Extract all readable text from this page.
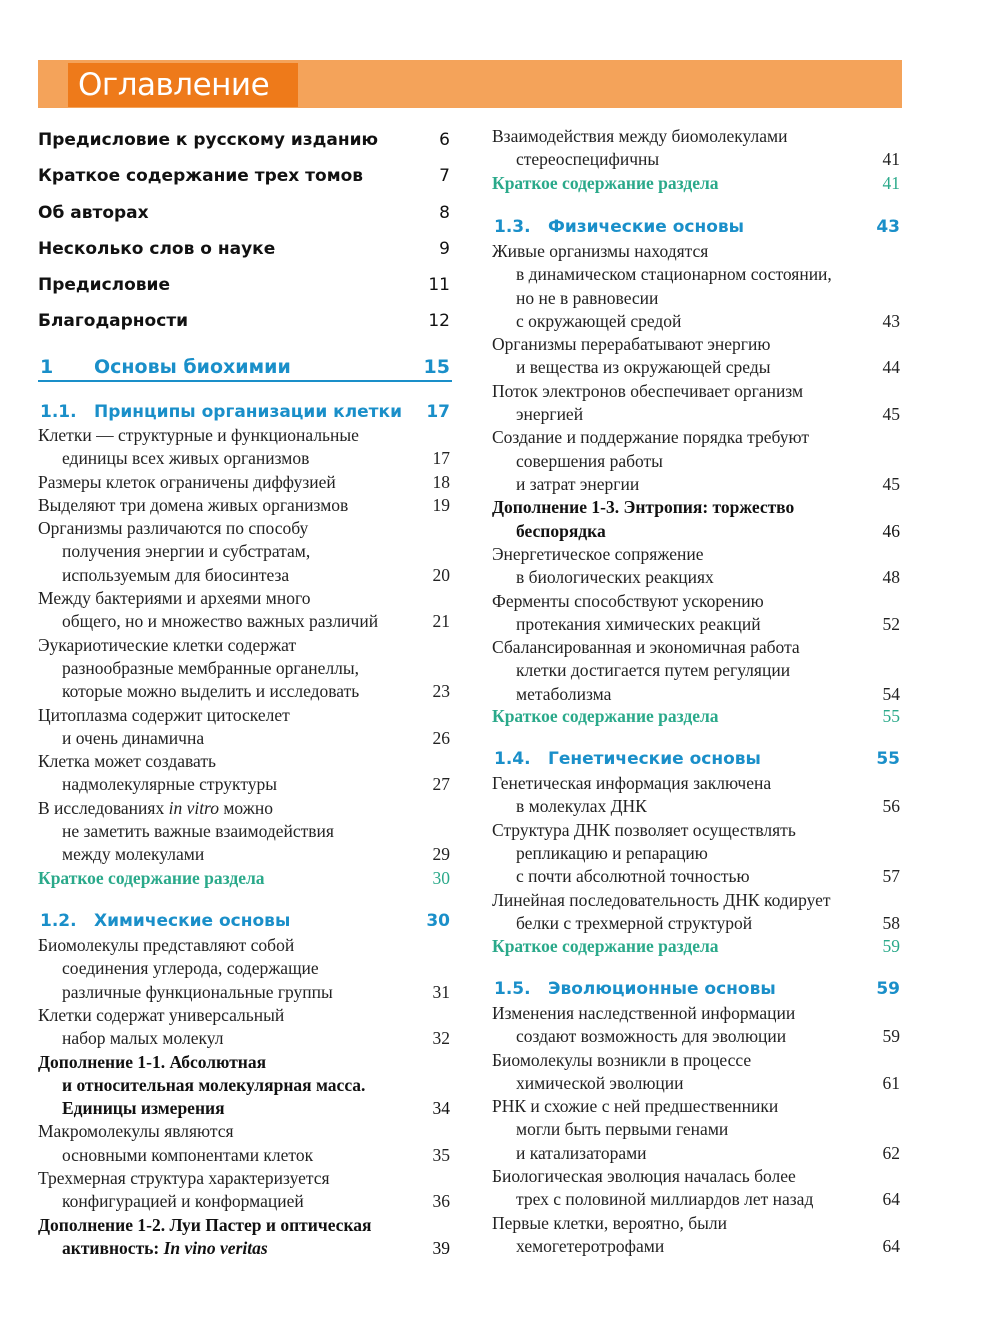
Оглавление
Предисловие к русскому изданию	6
Краткое содержание трех томов	7
Об авторах	8
Несколько слов о науке	9
Предисловие	11
Благодарности	12
1 Основы биохимии	15
1.1. Принципы организации клетки 17
Клетки — структурные и функциональные
единицы всех живых организмов	17
Размеры клеток ограничены диффузией	18
Выделяют три домена живых организмов	19
Организмы различаются по способу
получения энергии и субстратам,
используемым для биосинтеза	20
Между бактериями и археями много
общего, но и множество важных различий	21
Эукариотические клетки содержат
разнообразные мембранные органеллы,
которые можно выделить и исследовать	23
Цитоплазма содержит цитоскелет
и очень динамична	26
Клетка может создавать
надмолекулярные структуры	27
В исследованиях in vitro можно
не заметить важные взаимодействия
между молекулами	29
Краткое содержание раздела	30
1.2. Химические основы	30
Биомолекулы представляют собой
соединения углерода, содержащие
различные функциональные группы	31
Клетки содержат универсальный
набор малых молекул	32
Дополнение 1-1. Абсолютная
и относительная молекулярная масса.
Единицы измерения	34
Макромолекулы являются
основными компонентами клеток	35
Трехмерная структура характеризуется
конфигурацией и конформацией	36
Дополнение 1-2. Луи Пастер и оптическая
активность: In vino veritas	39
Взаимодействия между биомолекулами
стереоспецифичны	41
Краткое содержание раздела	41
1.3. Физические основы	43
Живые организмы находятся
в динамическом стационарном состоянии,
но не в равновесии
с окружающей средой	43
Организмы перерабатывают энергию
и вещества из окружающей среды	44
Поток электронов обеспечивает организм
энергией	45
Создание и поддержание порядка требуют
совершения работы
и затрат энергии	45
Дополнение 1-3. Энтропия: торжество
беспорядка	46
Энергетическое сопряжение
в биологических реакциях	48
Ферменты способствуют ускорению
протекания химических реакций	52
Сбалансированная и экономичная работа
клетки достигается путем регуляции
метаболизма	54
Краткое содержание раздела	55
1.4. Генетические основы	55
Генетическая информация заключена
в молекулах ДНК	56
Структура ДНК позволяет осуществлять
репликацию и репарацию
с почти абсолютной точностью	57
Линейная последовательность ДНК кодирует
белки с трехмерной структурой	58
Краткое содержание раздела	59
1.5. Эволюционные основы	59
Изменения наследственной информации
создают возможность для эволюции	59
Биомолекулы возникли в процессе
химической эволюции	61
РНК и схожие с ней предшественники
могли быть первыми генами
и катализаторами	62
Биологическая эволюция началась более
трех с половиной миллиардов лет назад	64
Первые клетки, вероятно, были
хемогетеротрофами	64
